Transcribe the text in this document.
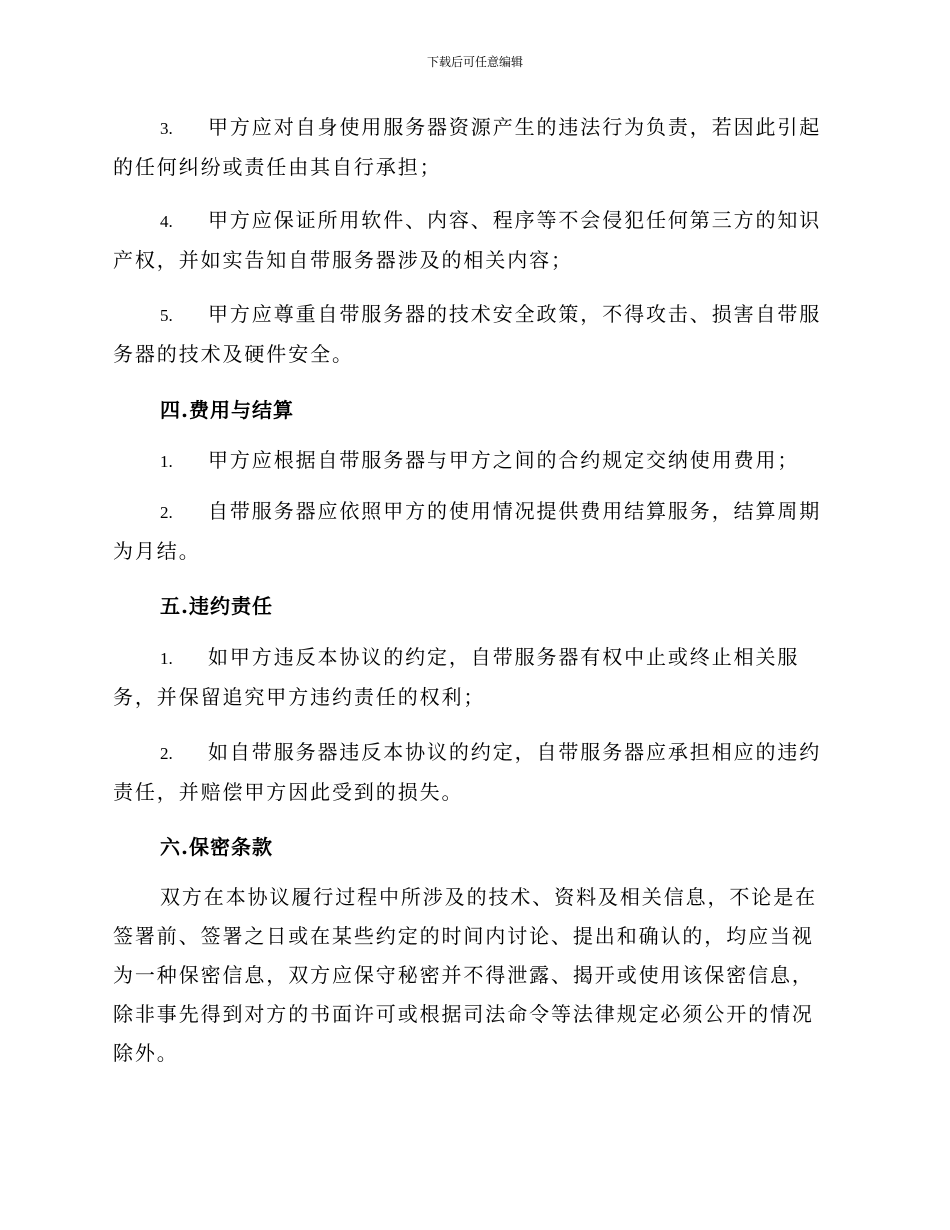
下载后可任意编辑

3. 甲方应对自身使用服务器资源产生的违法行为负责，若因此引起的任何纠纷或责任由其自行承担；

4. 甲方应保证所用软件、内容、程序等不会侵犯任何第三方的知识产权，并如实告知自带服务器涉及的相关内容；

5. 甲方应尊重自带服务器的技术安全政策，不得攻击、损害自带服务器的技术及硬件安全。

四.费用与结算

1. 甲方应根据自带服务器与甲方之间的合约规定交纳使用费用；

2. 自带服务器应依照甲方的使用情况提供费用结算服务，结算周期为月结。

五.违约责任

1. 如甲方违反本协议的约定，自带服务器有权中止或终止相关服务，并保留追究甲方违约责任的权利；

2. 如自带服务器违反本协议的约定，自带服务器应承担相应的违约责任，并赔偿甲方因此受到的损失。

六.保密条款

双方在本协议履行过程中所涉及的技术、资料及相关信息，不论是在签署前、签署之日或在某些约定的时间内讨论、提出和确认的，均应当视为一种保密信息，双方应保守秘密并不得泄露、揭开或使用该保密信息，除非事先得到对方的书面许可或根据司法命令等法律规定必须公开的情况除外。
